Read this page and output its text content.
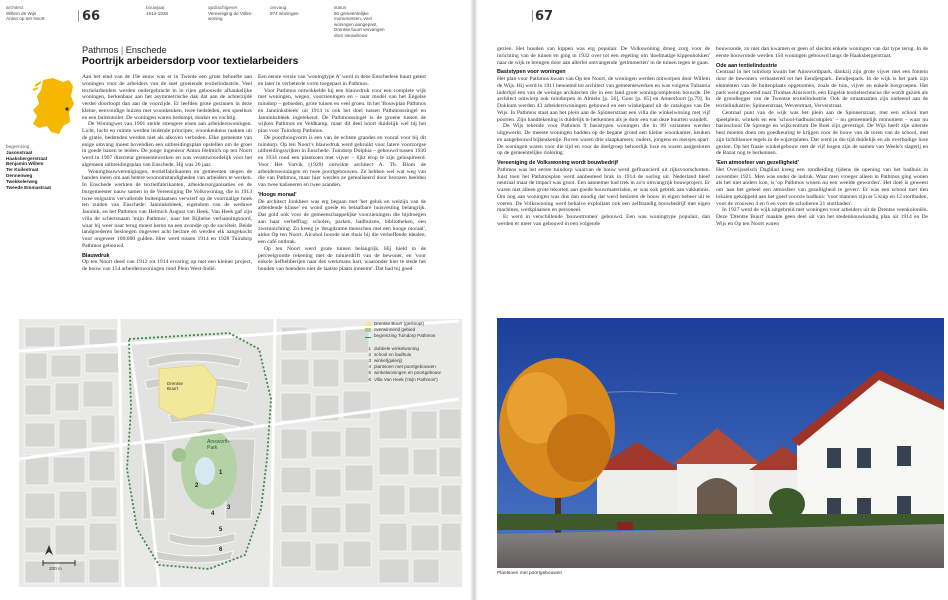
architect
Willem de Wijs
Anton op ten Noort	66
bouwjaar
1914-1928
opdrachtgever
Vereeniging de Volks-
woning
omvang
974 woningen
status
50 gemeentelijke
monumenten, veel
woningen aangepast,
Drentse buurt vervangen
door nieuwbouw
Pathmos | Enschede
Poortrijk arbeidersdorp voor textielarbeiders
begrenzing
Jasonstraat
Haaksbergerstraat
Benjamin Willem
Ter Kuilestraat
Dennenweg
Twekkelerweg
Tweede Emmastraat

Aan het eind van de 19e eeuw was er in Twente een grote behoefte aan woningen voor de arbeiders van de snel groeiende textielindustrie. Veel textielarbeiders werden ondergebracht in in rijen gebouwde afhankelijke woningen, herkenbaar aan het asymmetrische dak dat aan de achterzijde verder doorloopt dan aan de voorzijde. Er leefden grote gezinnen in deze kleine, eenvoudige huizen met woonkeuken, twee bedsteden, een speelhok en een buitentoilet. De woningen waren bedompt, donker en vochtig.

De Woningwet van 1901 stelde strengere eisen aan arbeiderswoningen. Licht, lucht en ruimte werden leidende principes; woonkeukens raakten uit de gratie, bedsteden werden niet als alkoven verboden. Elke gemeente van enige omvang moest bovendien een uitbreidingsplan opstellen om de groei in goede banen te leiden. De jonge ingenieur Anton Helmich op ten Noort werd in 1907 directeur gemeentewerken en was verantwoordelijk voor het algemeen uitbreidingsplan van Enschede. Hij was 26 jaar.

Woningbouwverenigingen, textielfabrikanten en gemeenten stegen de handen ineen om aan betere woonomstandigheden van arbeiders te werken. In Enschede werkten de textielfabrikanten, arbeidersorganisaties en de burgemeester nauw samen in de Vereeniging De Volkswoning, die in 1913 twee enigszins vervallende buitenplaatsen verwierf op de voormalige hoek ten zuiden van Enschede: Janninksbleek, eigendom van de weduwe Jannink, en het Pathmos van Helmich August van Heek. Van Heek gaf zijn villa de schertsnaam 'mijn Pathmos', naar het Bijbelse verbanningsoord, waar hij weer naar terug moest keren na een avondje op de sociëteit. Beide landgoederen besloegen ongeveer acht hectare en werden elk aangekocht voor ongeveer 100.000 gulden. Hier werd tussen 1914 en 1928 Tuindorp Pathmos gebouwd.

Blauwdruk

Op ten Noort deed van 1912 tot 1914 ervaring op met een kleiner project, de bouw van 154 arbeiderswoningen rond Plein West-Indië.

Een eerste versie van 'woningtype A' werd in deze Enschedese buurt getest en later in verbeterde vorm toegepast in Pathmos.

Voor Pathmos ontwikkelde hij een blauwdruk voor een complete wijk met woningen, wegen, voorzieningen en – naar model van het Engelse tuindorp – gebieden, grote tuinen en veel groen. In het 'Bouwplan Pathmos en Janninksbleek' uit 1914 is ook het doel tussen Pathmosssingel en Janninksbleek ingetekend. De Pathmosssingel is de groene tussen de wijken Pathmos en Veldkamp, maar dit deel hoort duidelijk wel bij het plan voor Tuindorp Pathmos.

De poortboogvorm is een van de echtste grandes en vooral voor bij dit tuindorp. Op ten Noort's blauwdruk werd gebruikt voor latere voorzorgse uitbreidingswijken in Enschede. Tuindorp Dolphia – gebouwd tussen 1930 en 1934 rond een plantsoen met vijver – lijkt erop te zijn geïnspireerd. Voor Het Varvik (1929) ontwikte architect A. Th. Blom de arbeiderswoningen en twee poortgebouwen. Ze hebben wel wat weg van die van Pathmos, maar hier werden ze gerealiseerd door bronzen beelden van twee kaliseeren en twee aranden.

'Hooge moraal'

De architect Jonkheer was erg begaan met 'het geluk en welzijn van de arbeidende klasse' en wond goede en betaalbare huisvesting belangrijk. Dat gold ook voor de gemeenschappelijke voorzieningen die bijdroegen aan haar verheffing: scholen, parken, badhuizen, bibliotheken, een zwemnichting. Zo kreeg je 'deugdzame menschen met een hooge moraal', aldus Op ten Noort. Alcohol hoorde niet thuis bij die verheffende idealen, een café ontbrak.

Op ten Noort werd grote tuinen belangrijk. Hij hield in de perceelgrootte rekening met de tuinierdrift van de bewoner, en 'voor enkele liefhebberijen naar des werkmans hart, waaronder hier te stede het houden van hoenders niet de laatste plaats inneemt'. Dat had hij goed

1
2
3
4
5
6
Drentse
Buurt
Ainsworth-
Park
200 m
Drentse Buurt (gesloopt)
overwinnend gebied
begrenzing Tuindorp Pathmos
1 dubbele winkelwoning
2 school en badhuis
3 winkel(galerij)
4 plantsoen met poortgebouwen
5 winkelwoningen en poortgebouw
6 Villa Van Heek ('mijn Pathmos')
67

gezien. Het houden van kippen was erg populair. De Volkswoning droeg zorg voor de inrichting van de tuinen en ging in 1932 over tot een regeling om 'doelmatige kippenhokken' naar de wijk te brengen door aan allerlei ontvangende 'getimmerten' in de tuinen tegen te gaan.

Basistypen voor woningen

Het plan voor Pathmos kwam van Op ten Noort, de woningen werden ontworpen door Willem de Wijs. Hij werd in 1911 benoemd tot architect van gemeentewerken en was volgens Tubantia inderhjd een van de weinige architecten die in een land grote woningcomplexen bouwde. De architect ontwierp ook tuindorpen in Almelo [p. 56], Goor [p. 65] en Amersfoort [p.79]. In Dokkum werden 43 arbeiderswoningen gebouwd en een winkelpand uit de catalogus van De Wijs. In Pathmos staat aan het plein aan de Spinnerstraat een villa die winkelwoning met vijf poorten. Zijn handtekening is duidelijk te herkennen als je door een van deze buurten wandelt.

De Wijs tekende voor Pathmos 9 basistypen woningen die in 89 varianten werden uitgewerkt. De meeste woningen hadden op de begane grond een kleine woonkamer, keuken en aangebouwd bijkeukentje. Boven waren drie slaapkamers: ouders, jongens en meisjes apart. De woningen waren voor die tijd en voor de doelgroep behoorlijk luxe en waren aangesloten op de gemeentelijke riolering.

Vereeniging de Volkswoning wordt bouwbedrijf

Pathmos was het eerste tuindorp waarvan de bouw werd gefinancierd uit rijksvoorschotten. Juist toen het Pathmosplan werd aanbesteed brak in 1914 de oorlog uit. Nederland bleef neutraal maar de impact was groot. Een aannemer had trek in zo'n omvangrijk bouwproject. Er waren niet alleen grote tekorten aan goede bouwmaterialen, er was ook gebrek aan vakkennis. Om nog aan woningen was dus dan noodig dat werd besloten de bouw in eigen beheer uit te voeren. De Volkswoning werd behalve exploitant ook een zelfstandig bouwbedrijf met eigen machines, werkplaatsen en personeel.

Er werd in verschillende 'bouwstromen' gebouwd. Een was woningtype populair, dan werden er meer van gebouwd in een volgende

bouwronde, zo niet dan kwamen er geen of slechts enkele woningen van dat type terug. In de eerste bouwronde werden 150 woningen gebouwd langs de Haaksbergerstraat.

Ode aan textielindustrie

Centraal in het tuindorp kwam het Ainsworthpark, dankzij zijn grote vijver met een fontein door de bewoners verbastered tot het Eendjespark. Eendjespark. In de wijk is het park zijn elementen van de buitenplaats opgenomen, zoals de tuin, vijver en enkele bosgroepen. Het park werd genoemd naar Thomas Ainsworth, een Engelse textieltechnicus die wordt gezien als de grondlegger van de Twentse textielindustrie. Ook de straatnamen zijn ontleend aan de textielindustrie: Spinnerstraat, Weverstraat, Ververstraat.

Centraal punt van de wijk was het plein aan de Spinnerstraat, met een school met speelplein, winkels en een 'school-badhuiscomplex' – nu gemeentelijk monument – waar nu basisschool De Sprenge en wijkcentrum De Boei zijn gevestigd. De Wijs heeft zijn uiterste best moeten doen om goedkeuring te krijgen voor de bouw van de toren van de school, met zijn lichtblauwe tegels in de wijzerplaten. Dat werd in die tijd duidelijk en als overbodige luxe gezien. Op het fraaie winkelgebouw met de vijf bogen zijn de namen van Weele's slagerij en de Bazar nog te herkennen.

'Een atmosfeer van gezelligheid'

Het Overijsselsch Dagblad kreeg een rondleiding tijdens de opening van het badhuis in november 1921. Men was onder de indruk. Waar men vroeger alleen in Pathmos ging wonen als het niet anders kon, is 'op Pathmos wonen nu een weelde geworden'. Het doel is geweest om 'aan het geheel een atmosfeer van gezelligheid te geven'. Er was een school met tien lokalen gekoppeld aan het goed voorzie badhuis: 'voor mannen zijn er 5 kuip en 12 stortbaden, voor de vrouwen 4 en 6 en voor de scholieren 21 stortbaden'.

In 1927 werd de wijk uitgebreid met woningen voor arbeiders uit de Drentse veenkoloniën. Deze 'Drentse Buurt' maakte geen deel uit van het stedenbouwkundig plan uit 1914 en De Wijs en Op ten Noort waren

Plantsoen met poortgebouwen
